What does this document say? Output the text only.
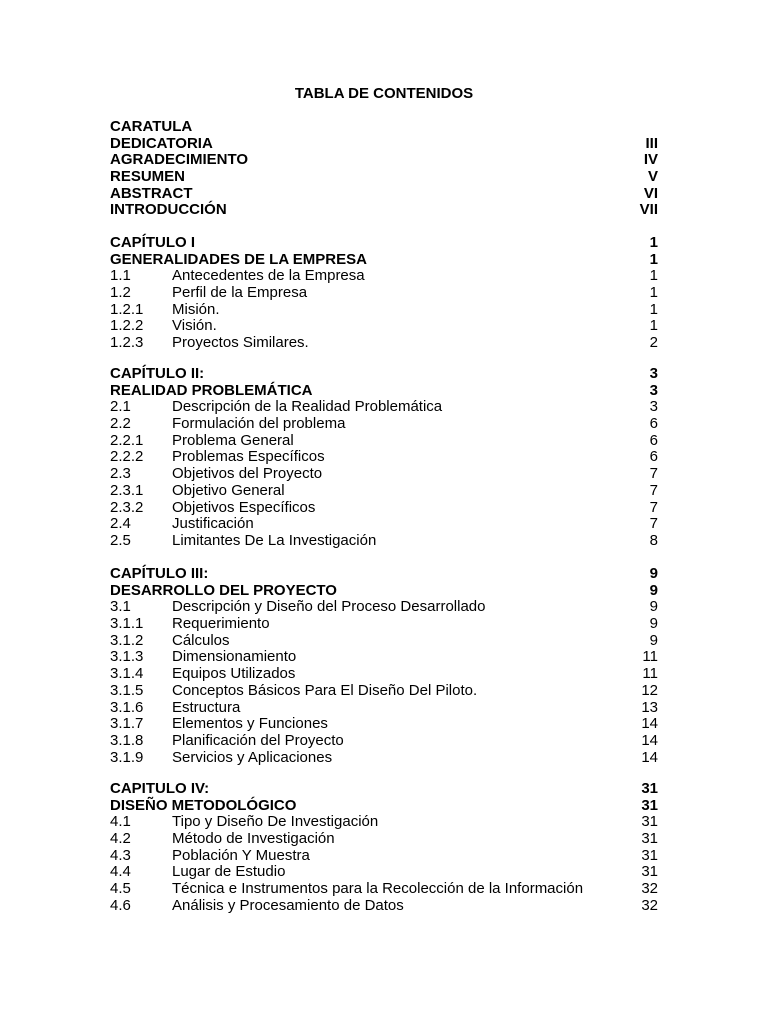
TABLA DE CONTENIDOS
CARATULA
DEDICATORIA	III
AGRADECIMIENTO	IV
RESUMEN	V
ABSTRACT	VI
INTRODUCCIÓN	VII
CAPÍTULO I	1
GENERALIDADES DE LA EMPRESA	1
1.1	Antecedentes de la Empresa	1
1.2	Perfil de la Empresa	1
1.2.1 Misión.	1
1.2.2 Visión.	1
1.2.3 Proyectos Similares.	2
CAPÍTULO II:	3
REALIDAD PROBLEMÁTICA	3
2.1	Descripción de la Realidad Problemática	3
2.2	Formulación del problema	6
2.2.1 Problema General	6
2.2.2 Problemas Específicos	6
2.3	Objetivos del Proyecto	7
2.3.1 Objetivo General	7
2.3.2 Objetivos Específicos	7
2.4	Justificación	7
2.5	Limitantes De La Investigación	8
CAPÍTULO III:	9
DESARROLLO DEL PROYECTO	9
3.1	Descripción y Diseño del Proceso Desarrollado	9
3.1.1 Requerimiento	9
3.1.2 Cálculos	9
3.1.3 Dimensionamiento	11
3.1.4 Equipos Utilizados	11
3.1.5 Conceptos Básicos Para El Diseño Del Piloto.	12
3.1.6 Estructura	13
3.1.7 Elementos y Funciones	14
3.1.8 Planificación del Proyecto	14
3.1.9 Servicios y Aplicaciones	14
CAPITULO IV:	31
DISEÑO METODOLÓGICO	31
4.1	Tipo y Diseño De Investigación	31
4.2	Método de Investigación	31
4.3	Población Y Muestra	31
4.4	Lugar de Estudio	31
4.5	Técnica e Instrumentos para la Recolección de la Información	32
4.6	Análisis y Procesamiento de Datos	32
